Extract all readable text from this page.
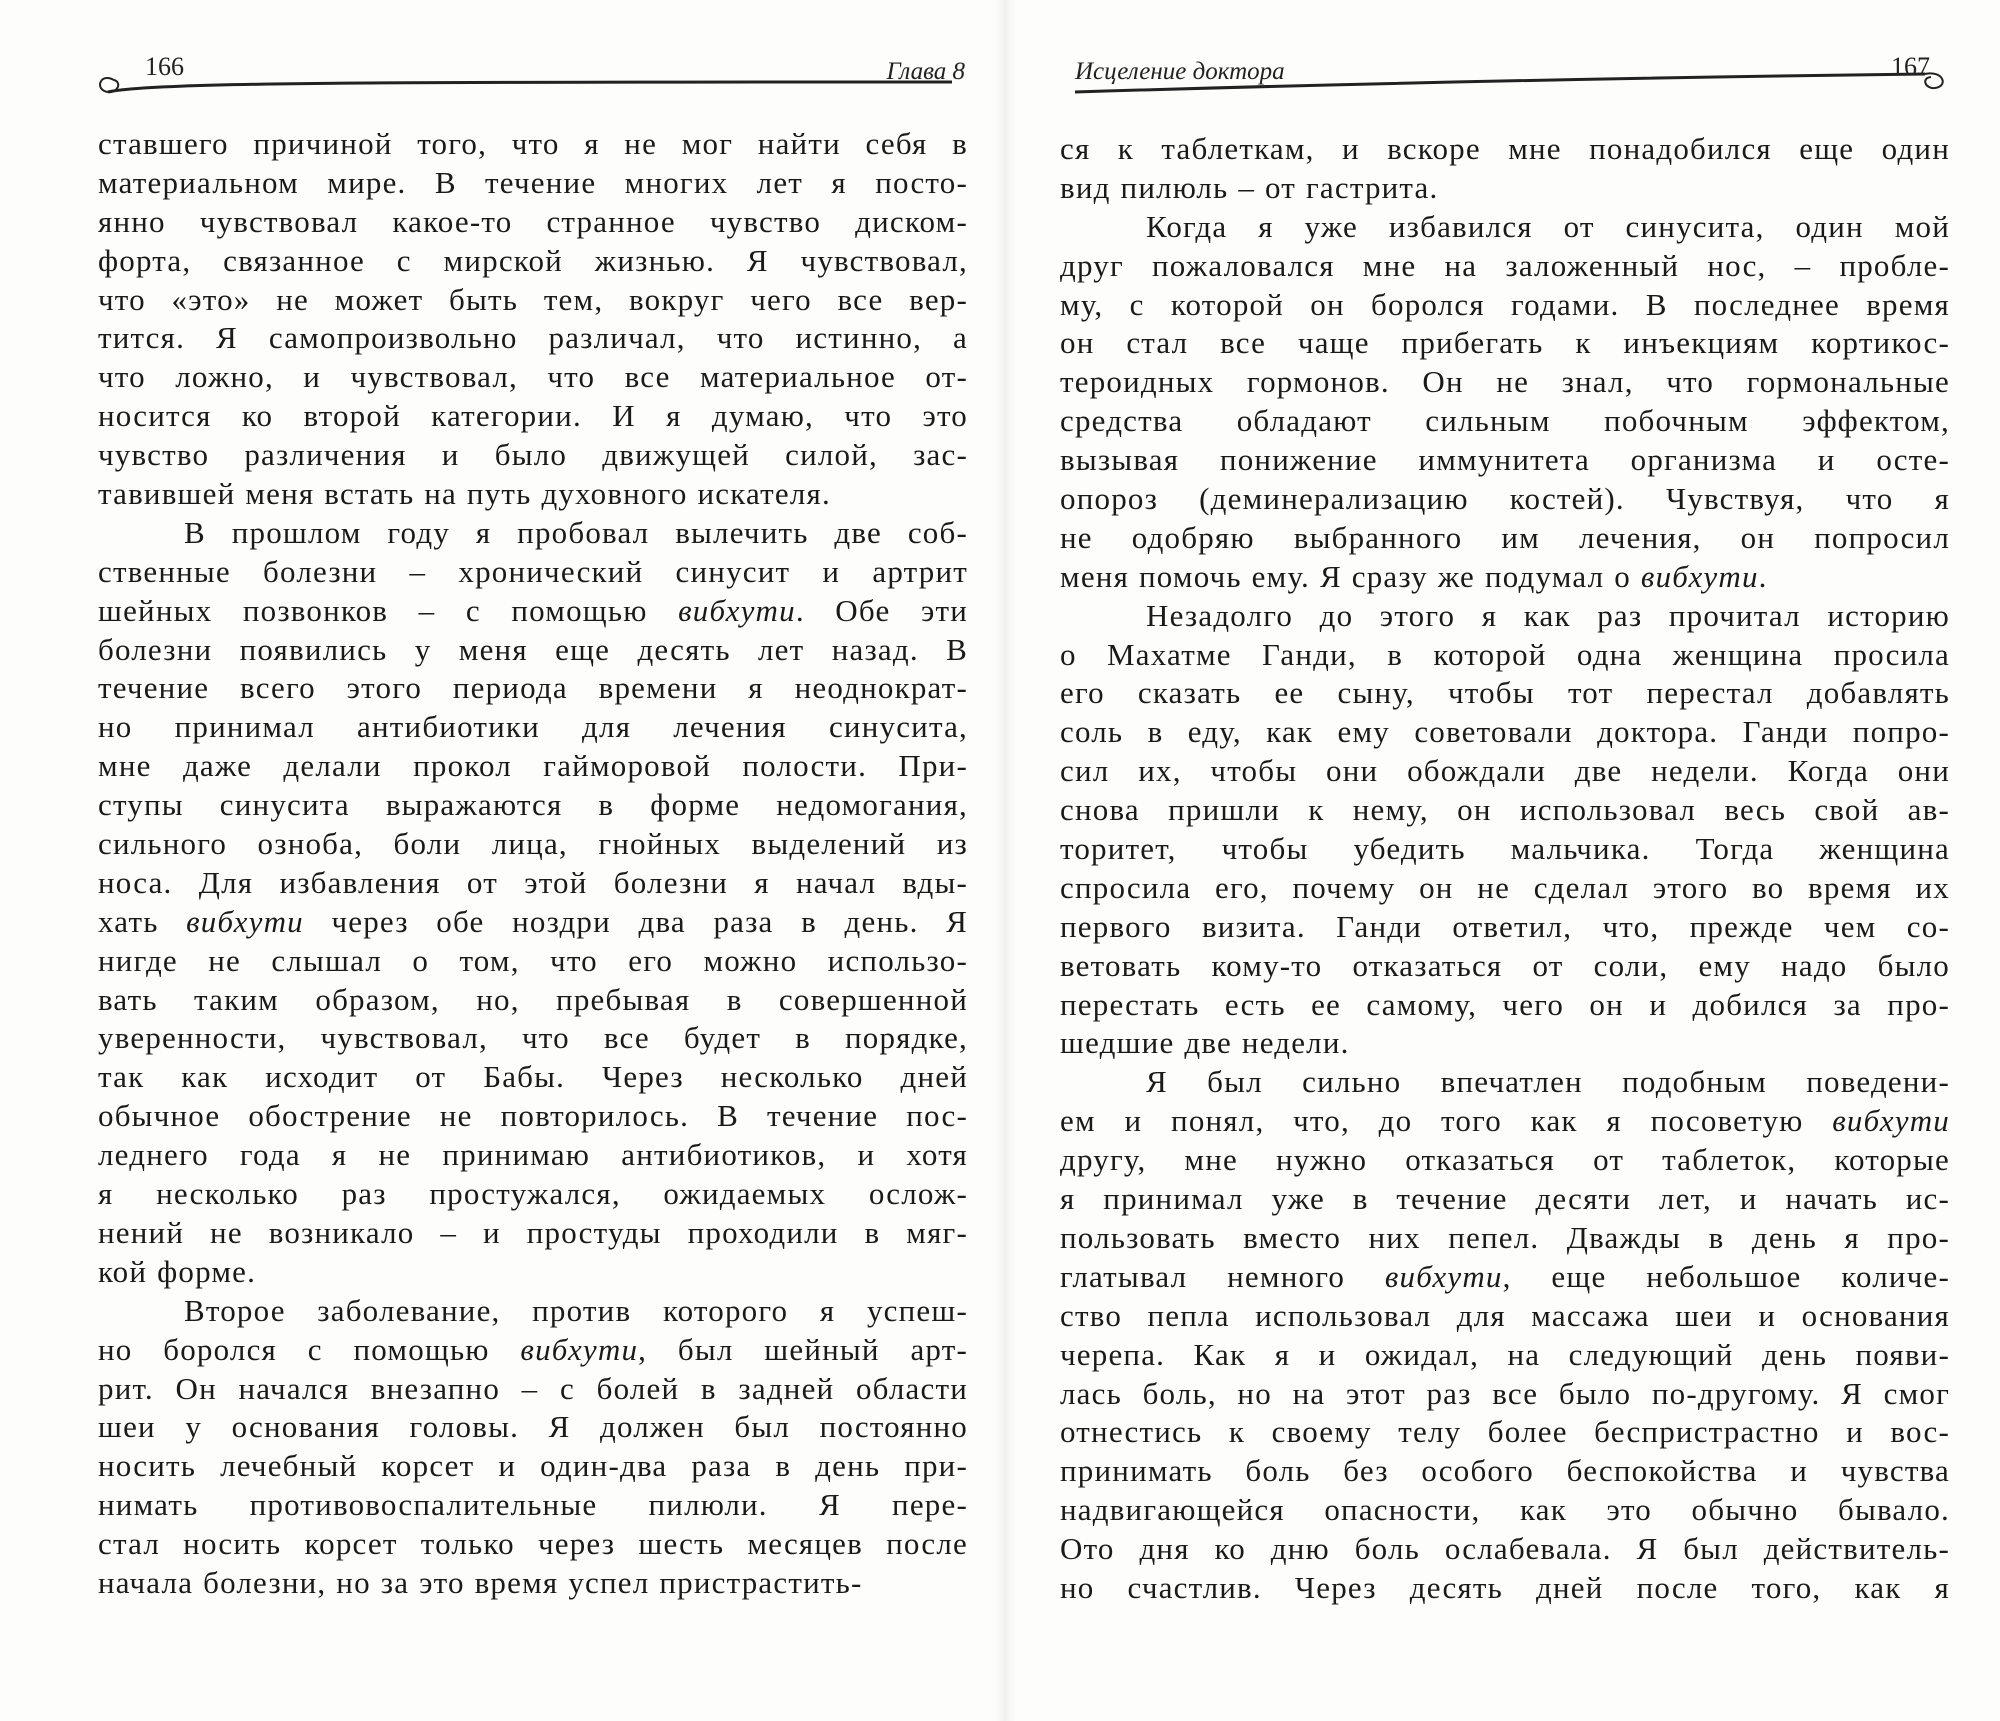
166	Глава 8
ставшего причиной того, что я не мог найти себя в
материальном мире. В течение многих лет я посто-
янно чувствовал какое-то странное чувство диском-
форта, связанное с мирской жизнью. Я чувствовал,
что «это» не может быть тем, вокруг чего все вер-
тится. Я самопроизвольно различал, что истинно, а
что ложно, и чувствовал, что все материальное от-
носится ко второй категории. И я думаю, что это
чувство различения и было движущей силой, зас-
тавившей меня встать на путь духовного искателя.
В прошлом году я пробовал вылечить две соб-
ственные болезни – хронический синусит и артрит
шейных позвонков – с помощью вибхути. Обе эти
болезни появились у меня еще десять лет назад. В
течение всего этого периода времени я неоднократ-
но принимал антибиотики для лечения синусита,
мне даже делали прокол гайморовой полости. При-
ступы синусита выражаются в форме недомогания,
сильного озноба, боли лица, гнойных выделений из
носа. Для избавления от этой болезни я начал вды-
хать вибхути через обе ноздри два раза в день. Я
нигде не слышал о том, что его можно использо-
вать таким образом, но, пребывая в совершенной
уверенности, чувствовал, что все будет в порядке,
так как исходит от Бабы. Через несколько дней
обычное обострение не повторилось. В течение пос-
леднего года я не принимаю антибиотиков, и хотя
я несколько раз простужался, ожидаемых ослож-
нений не возникало – и простуды проходили в мяг-
кой форме.
Второе заболевание, против которого я успеш-
но боролся с помощью вибхути, был шейный арт-
рит. Он начался внезапно – с болей в задней области
шеи у основания головы. Я должен был постоянно
носить лечебный корсет и один-два раза в день при-
нимать противовоспалительные пилюли. Я пере-
стал носить корсет только через шесть месяцев после
начала болезни, но за это время успел пристрастить-
Исцеление доктора	167
ся к таблеткам, и вскоре мне понадобился еще один
вид пилюль – от гастрита.
Когда я уже избавился от синусита, один мой
друг пожаловался мне на заложенный нос, – пробле-
му, с которой он боролся годами. В последнее время
он стал все чаще прибегать к инъекциям кортикос-
тероидных гормонов. Он не знал, что гормональные
средства обладают сильным побочным эффектом,
вызывая понижение иммунитета организма и осте-
опороз (деминерализацию костей). Чувствуя, что я
не одобряю выбранного им лечения, он попросил
меня помочь ему. Я сразу же подумал о вибхути.
Незадолго до этого я как раз прочитал историю
о Махатме Ганди, в которой одна женщина просила
его сказать ее сыну, чтобы тот перестал добавлять
соль в еду, как ему советовали доктора. Ганди попро-
сил их, чтобы они обождали две недели. Когда они
снова пришли к нему, он использовал весь свой ав-
торитет, чтобы убедить мальчика. Тогда женщина
спросила его, почему он не сделал этого во время их
первого визита. Ганди ответил, что, прежде чем со-
ветовать кому-то отказаться от соли, ему надо было
перестать есть ее самому, чего он и добился за про-
шедшие две недели.
Я был сильно впечатлен подобным поведени-
ем и понял, что, до того как я посоветую вибхути
другу, мне нужно отказаться от таблеток, которые
я принимал уже в течение десяти лет, и начать ис-
пользовать вместо них пепел. Дважды в день я про-
глатывал немного вибхути, еще небольшое количе-
ство пепла использовал для массажа шеи и основания
черепа. Как я и ожидал, на следующий день появи-
лась боль, но на этот раз все было по-другому. Я смог
отнестись к своему телу более беспристрастно и вос-
принимать боль без особого беспокойства и чувства
надвигающейся опасности, как это обычно бывало.
Ото дня ко дню боль ослабевала. Я был действитель-
но счастлив. Через десять дней после того, как я
